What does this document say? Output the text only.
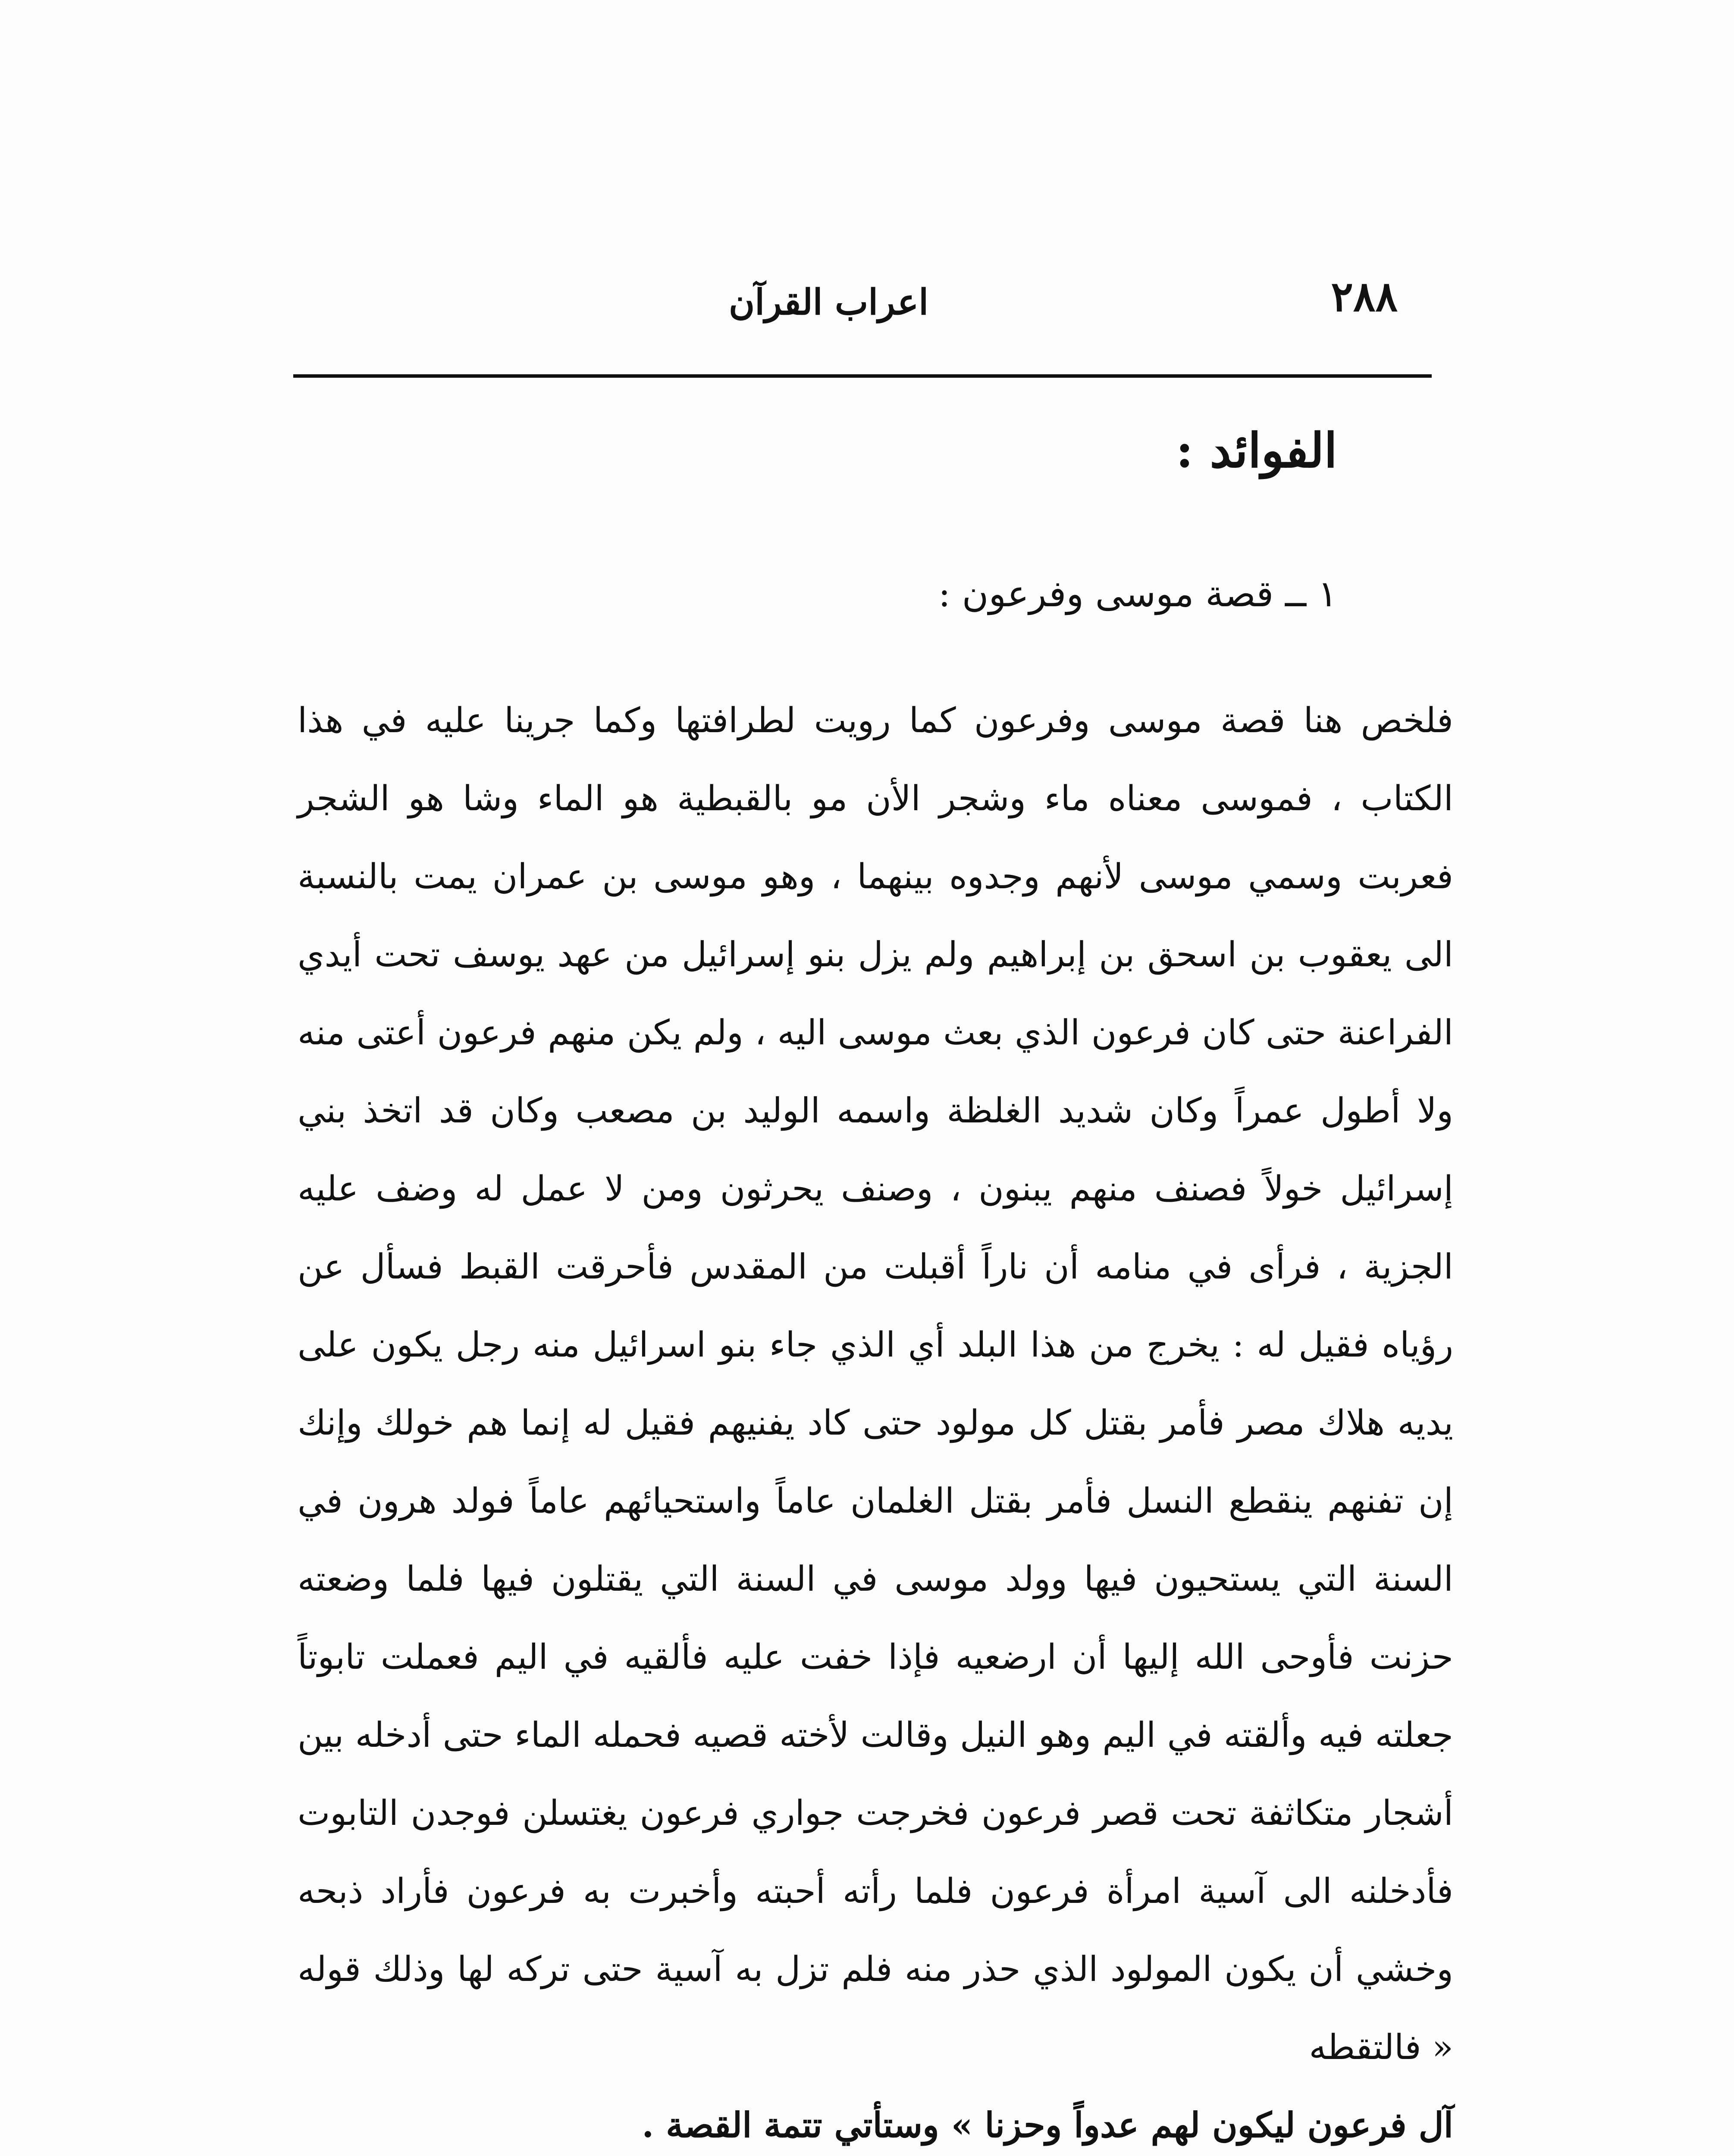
٢٨٨
اعراب القرآن
الفوائد :
١ ــ قصة موسى وفرعون :

فلخص هنا قصة موسى وفرعون كما رويت لطرافتها وكما جرينا عليه في هذا الكتاب ، فموسى معناه ماء وشجر الأن مو بالقبطية هو الماء وشا هو الشجر فعربت وسمي موسى لأنهم وجدوه بينهما ، وهو موسى بن عمران يمت بالنسبة الى يعقوب بن اسحق بن إبراهيم ولم يزل بنو إسرائيل من عهد يوسف تحت أيدي الفراعنة حتى كان فرعون الذي بعث موسى اليه ، ولم يكن منهم فرعون أعتى منه ولا أطول عمراً وكان شديد الغلظة واسمه الوليد بن مصعب وكان قد اتخذ بني إسرائيل خولاً فصنف منهم يبنون ، وصنف يحرثون ومن لا عمل له وضف عليه الجزية ، فرأى في منامه أن ناراً أقبلت من المقدس فأحرقت القبط فسأل عن رؤياه فقيل له : يخرج من هذا البلد أي الذي جاء بنو اسرائيل منه رجل يكون على يديه هلاك مصر فأمر بقتل كل مولود حتى كاد يفنيهم فقيل له إنما هم خولك وإنك إن تفنهم ينقطع النسل فأمر بقتل الغلمان عاماً واستحيائهم عاماً فولد هرون في السنة التي يستحيون فيها وولد موسى في السنة التي يقتلون فيها فلما وضعته حزنت فأوحى الله إليها أن ارضعيه فإذا خفت عليه فألقيه في اليم فعملت تابوتاً جعلته فيه وألقته في اليم وهو النيل وقالت لأخته قصيه فحمله الماء حتى أدخله بين أشجار متكاثفة تحت قصر فرعون فخرجت جواري فرعون يغتسلن فوجدن التابوت فأدخلنه الى آسية امرأة فرعون فلما رأته أحبته وأخبرت به فرعون فأراد ذبحه وخشي أن يكون المولود الذي حذر منه فلم تزل به آسية حتى تركه لها وذلك قوله « فالتقطه

آل فرعون ليكون لهم عدواً وحزنا » وستأتي تتمة القصة .
